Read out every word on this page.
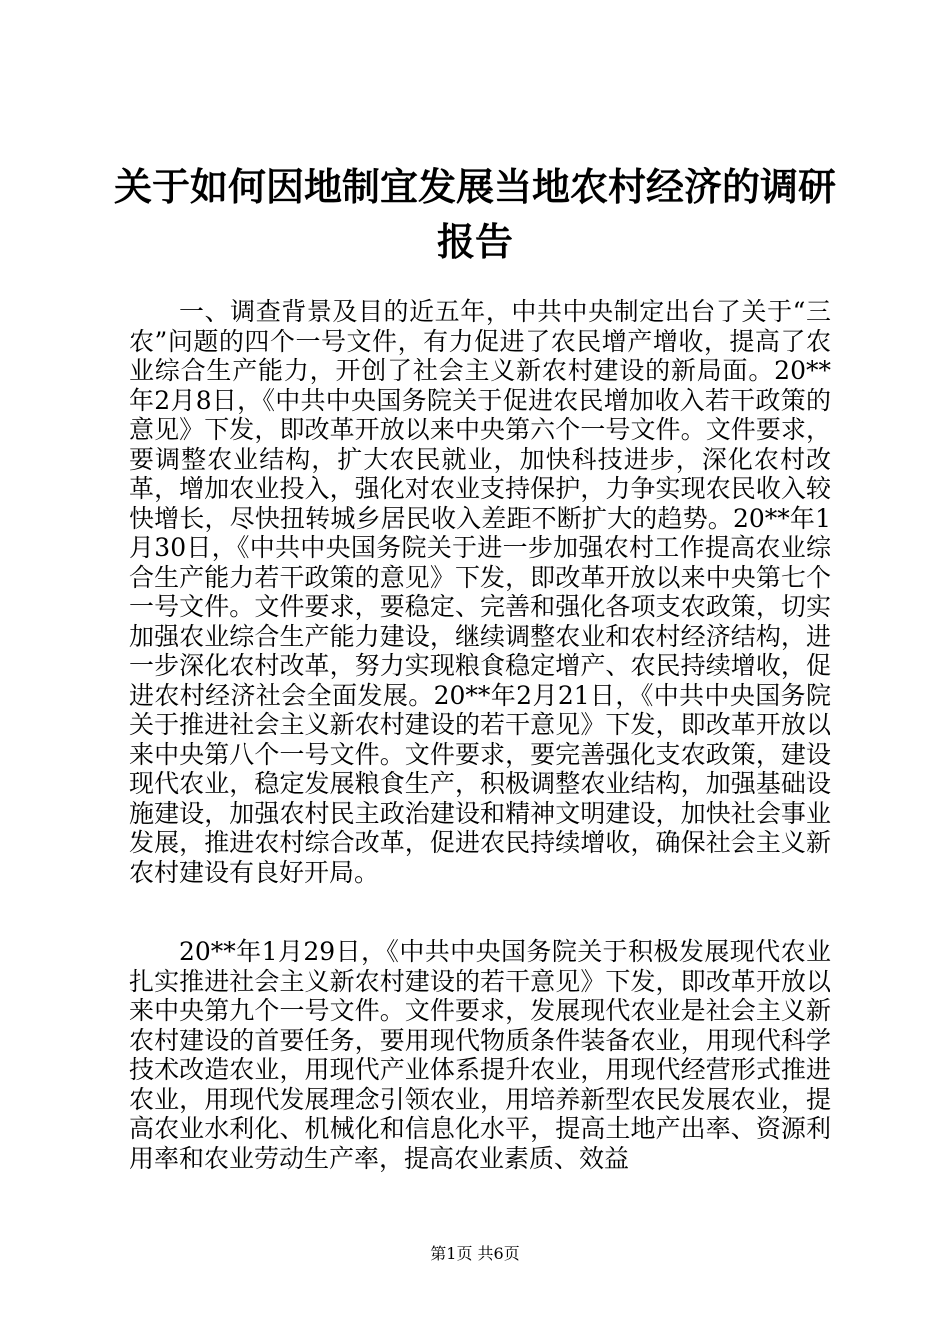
关于如何因地制宜发展当地农村经济的调研报告

一、调查背景及目的近五年，中共中央制定出台了关于“三农”问题的四个一号文件，有力促进了农民增产增收，提高了农业综合生产能力，开创了社会主义新农村建设的新局面。20**年2月8日，《中共中央国务院关于促进农民增加收入若干政策的意见》下发，即改革开放以来中央第六个一号文件。文件要求，要调整农业结构，扩大农民就业，加快科技进步，深化农村改革，增加农业投入，强化对农业支持保护，力争实现农民收入较快增长，尽快扭转城乡居民收入差距不断扩大的趋势。20**年1月30日，《中共中央国务院关于进一步加强农村工作提高农业综合生产能力若干政策的意见》下发，即改革开放以来中央第七个一号文件。文件要求，要稳定、完善和强化各项支农政策，切实加强农业综合生产能力建设，继续调整农业和农村经济结构，进一步深化农村改革，努力实现粮食稳定增产、农民持续增收，促进农村经济社会全面发展。20**年2月21日，《中共中央国务院关于推进社会主义新农村建设的若干意见》下发，即改革开放以来中央第八个一号文件。文件要求，要完善强化支农政策，建设现代农业，稳定发展粮食生产，积极调整农业结构，加强基础设施建设，加强农村民主政治建设和精神文明建设，加快社会事业发展，推进农村综合改革，促进农民持续增收，确保社会主义新农村建设有良好开局。

20**年1月29日，《中共中央国务院关于积极发展现代农业扎实推进社会主义新农村建设的若干意见》下发，即改革开放以来中央第九个一号文件。文件要求，发展现代农业是社会主义新农村建设的首要任务，要用现代物质条件装备农业，用现代科学技术改造农业，用现代产业体系提升农业，用现代经营形式推进农业，用现代发展理念引领农业，用培养新型农民发展农业，提高农业水利化、机械化和信息化水平，提高土地产出率、资源利用率和农业劳动生产率，提高农业素质、效益

第1页 共6页
